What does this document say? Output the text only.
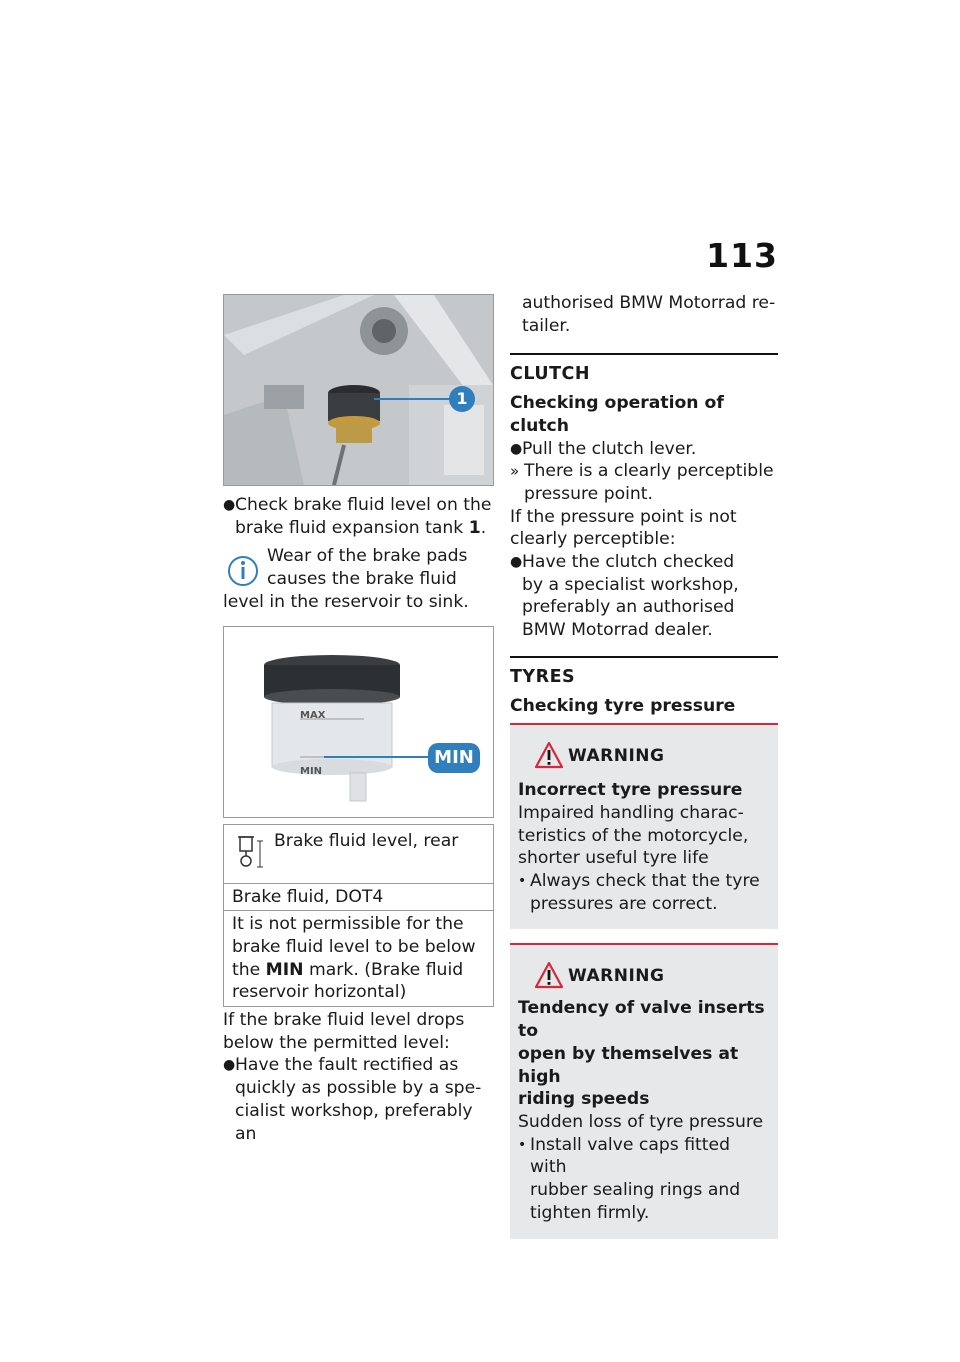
113
1
● Check brake fluid level on the
brake fluid expansion tank 1.
Wear of the brake pads
causes the brake fluid
level in the reservoir to sink.
MAX
MIN
MIN
Brake fluid level, rear
Brake fluid, DOT4
It is not permissible for the
brake fluid level to be below
the MIN mark. (Brake fluid
reservoir horizontal)
If the brake fluid level drops
below the permitted level:
● Have the fault rectified as
quickly as possible by a spe-
cialist workshop, preferably an
authorised BMW Motorrad re-
tailer.
CLUTCH
Checking operation of clutch
● Pull the clutch lever.
» There is a clearly perceptible
pressure point.
If the pressure point is not
clearly perceptible:
● Have the clutch checked
by a specialist workshop,
preferably an authorised
BMW Motorrad dealer.
TYRES
Checking tyre pressure
WARNING
Incorrect tyre pressure
Impaired handling charac-
teristics of the motorcycle,
shorter useful tyre life
• Always check that the tyre
pressures are correct.
WARNING
Tendency of valve inserts to
open by themselves at high
riding speeds
Sudden loss of tyre pressure
• Install valve caps fitted with
rubber sealing rings and
tighten firmly.
